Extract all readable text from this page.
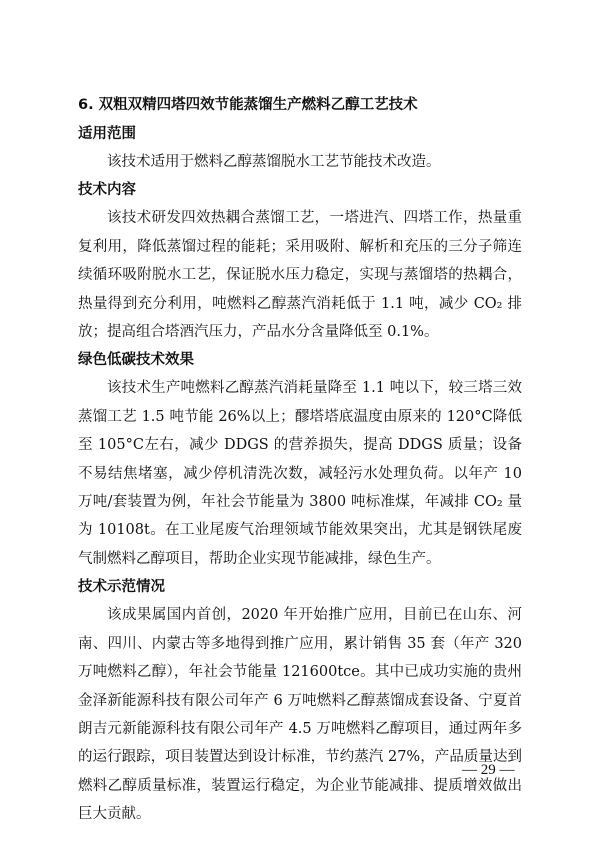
6. 双粗双精四塔四效节能蒸馏生产燃料乙醇工艺技术
适用范围

该技术适用于燃料乙醇蒸馏脱水工艺节能技术改造。

技术内容

该技术研发四效热耦合蒸馏工艺，一塔进汽、四塔工作，热量重复利用，降低蒸馏过程的能耗；采用吸附、解析和充压的三分子筛连续循环吸附脱水工艺，保证脱水压力稳定，实现与蒸馏塔的热耦合，热量得到充分利用，吨燃料乙醇蒸汽消耗低于 1.1 吨，减少 CO₂ 排放；提高组合塔酒汽压力，产品水分含量降低至 0.1%。

绿色低碳技术效果

该技术生产吨燃料乙醇蒸汽消耗量降至 1.1 吨以下，较三塔三效蒸馏工艺 1.5 吨节能 26%以上；醪塔塔底温度由原来的 120°C降低至 105°C左右，减少 DDGS 的营养损失，提高 DDGS 质量；设备不易结焦堵塞，减少停机清洗次数，减轻污水处理负荷。以年产 10 万吨/套装置为例，年社会节能量为 3800 吨标准煤，年减排 CO₂ 量为 10108t。在工业尾废气治理领域节能效果突出，尤其是钢铁尾废气制燃料乙醇项目，帮助企业实现节能减排，绿色生产。

技术示范情况

该成果属国内首创，2020 年开始推广应用，目前已在山东、河南、四川、内蒙古等多地得到推广应用，累计销售 35 套（年产 320 万吨燃料乙醇），年社会节能量 121600tce。其中已成功实施的贵州金泽新能源科技有限公司年产 6 万吨燃料乙醇蒸馏成套设备、宁夏首朗吉元新能源科技有限公司年产 4.5 万吨燃料乙醇项目，通过两年多的运行跟踪，项目装置达到设计标准，节约蒸汽 27%，产品质量达到燃料乙醇质量标准，装置运行稳定，为企业节能减排、提质增效做出巨大贡献。

— 29 —
